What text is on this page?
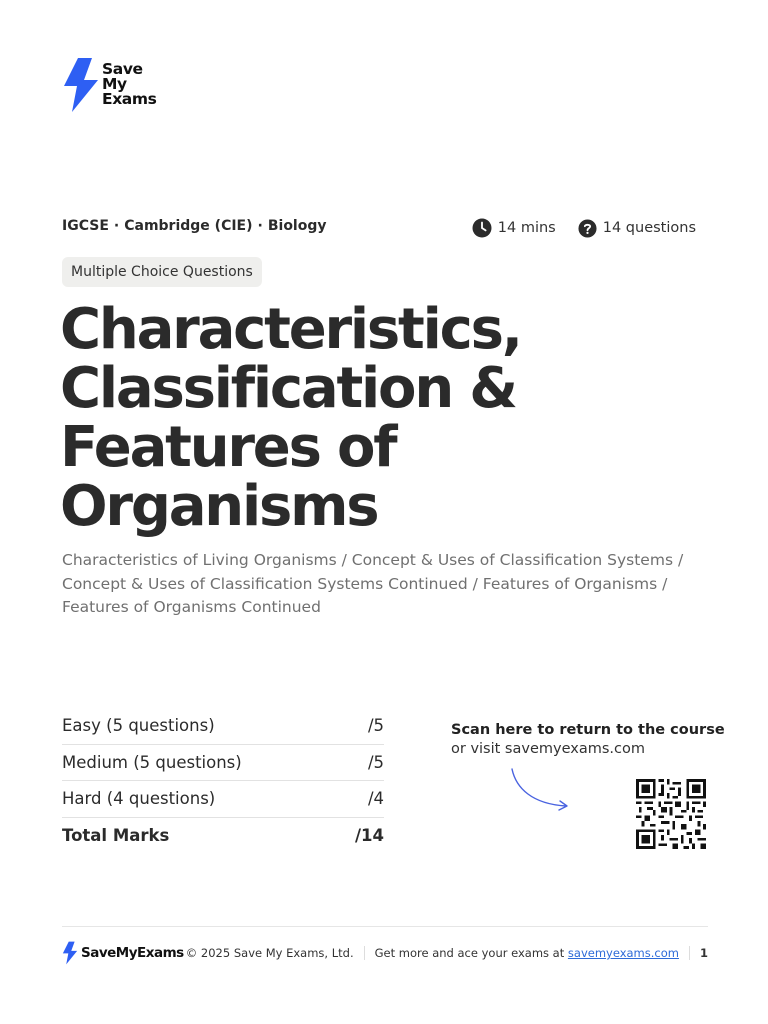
Save
My
Exams
IGCSE · Cambridge (CIE) · Biology	14 mins	14 questions
Multiple Choice Questions
Characteristics,
Classification &
Features of
Organisms

Characteristics of Living Organisms / Concept & Uses of Classification Systems / Concept & Uses of Classification Systems Continued / Features of Organisms / Features of Organisms Continued

Easy (5 questions)	/5
Medium (5 questions)	/5
Hard (4 questions)	/4
Total Marks	/14
Scan here to return to the course
or visit savemyexams.com
SaveMyExams © 2025 Save My Exams, Ltd. Get more and ace your exams at savemyexams.com 1
